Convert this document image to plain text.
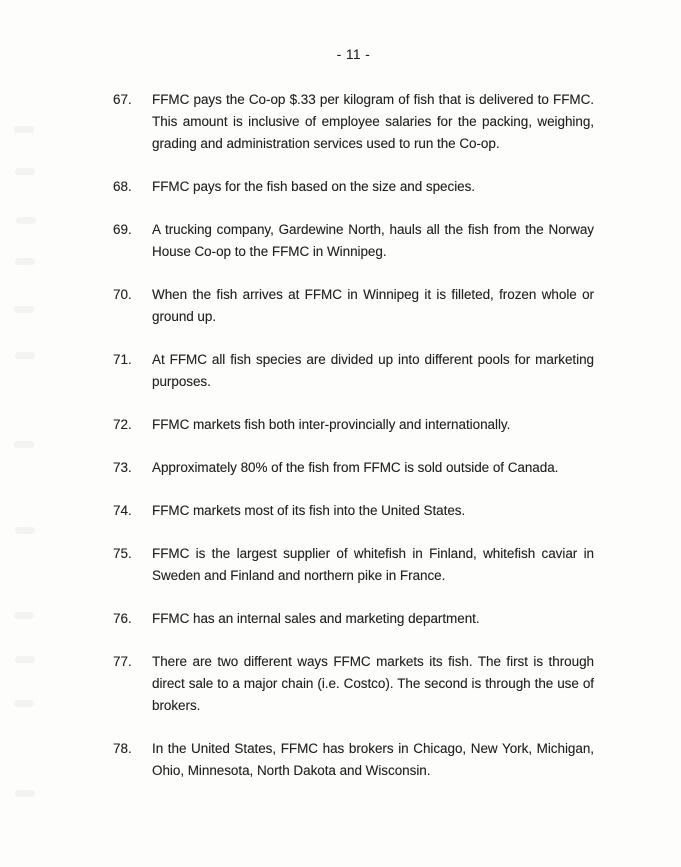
- 11 -
67.	FFMC pays the Co-op $.33 per kilogram of fish that is delivered to FFMC. This amount is inclusive of employee salaries for the packing, weighing, grading and administration services used to run the Co-op.
68.	FFMC pays for the fish based on the size and species.
69.	A trucking company, Gardewine North, hauls all the fish from the Norway House Co-op to the FFMC in Winnipeg.
70.	When the fish arrives at FFMC in Winnipeg it is filleted, frozen whole or ground up.
71.	At FFMC all fish species are divided up into different pools for marketing purposes.
72.	FFMC markets fish both inter-provincially and internationally.
73.	Approximately 80% of the fish from FFMC is sold outside of Canada.
74.	FFMC markets most of its fish into the United States.
75.	FFMC is the largest supplier of whitefish in Finland, whitefish caviar in Sweden and Finland and northern pike in France.
76.	FFMC has an internal sales and marketing department.
77.	There are two different ways FFMC markets its fish. The first is through direct sale to a major chain (i.e. Costco). The second is through the use of brokers.
78.	In the United States, FFMC has brokers in Chicago, New York, Michigan, Ohio, Minnesota, North Dakota and Wisconsin.
